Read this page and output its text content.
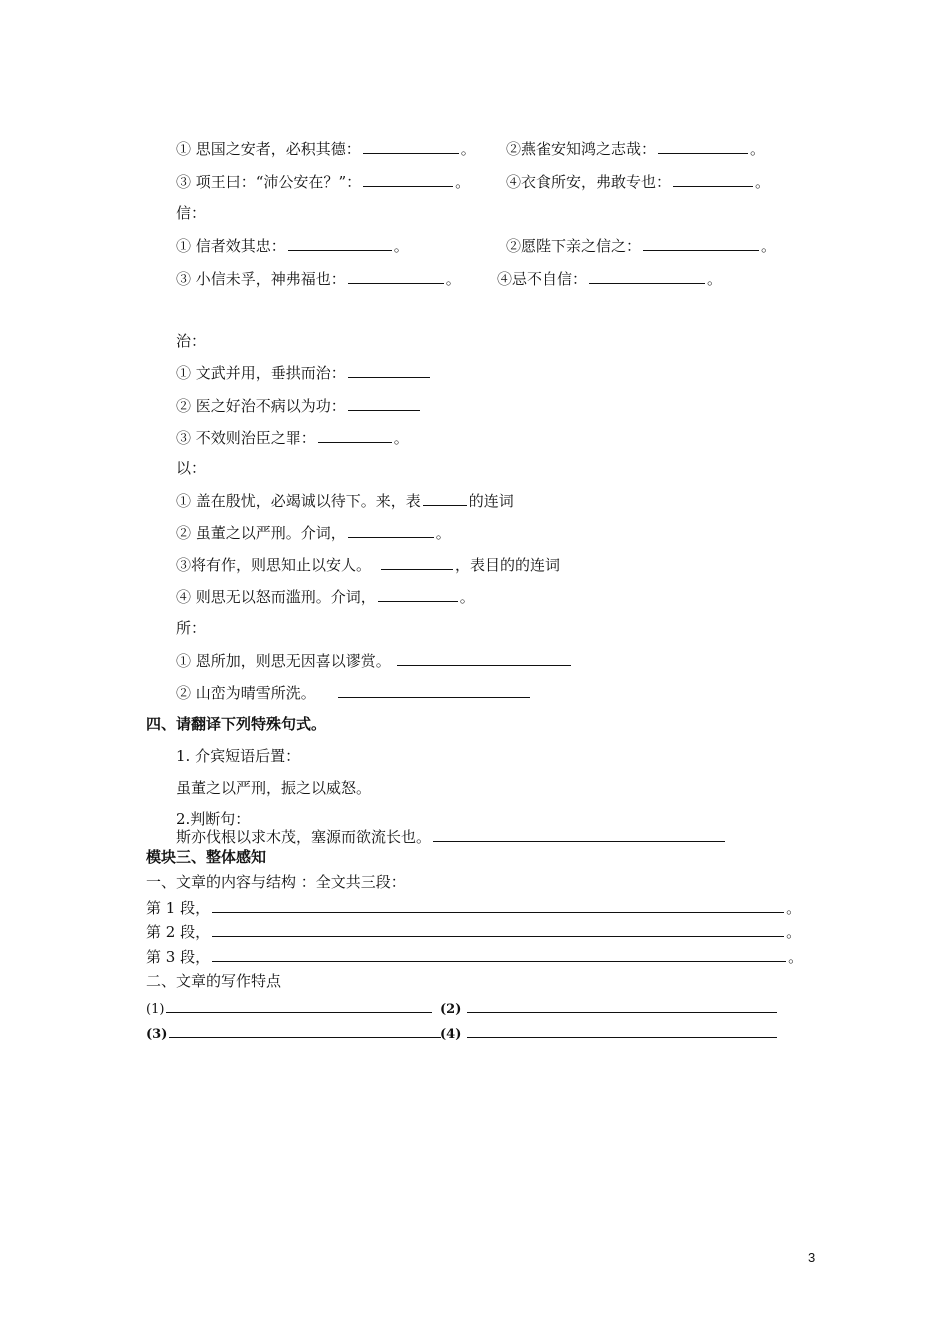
① 思国之安者，必积其德：	。 ②燕雀安知鸿之志哉：	。
③ 项王曰：“沛公安在？”：	。 ④衣食所安，弗敢专也：	。
信：
① 信者效其忠：	。	②愿陛下亲之信之：	。
③ 小信未孚，神弗福也：	。 ④忌不自信：	。
治：
① 文武并用，垂拱而治：
② 医之好治不病以为功：
③ 不效则治臣之罪：	。
以：
① 盖在殷忧，必竭诚以待下。来，表	的连词
② 虽董之以严刑。介词，	。
③将有作，则思知止以安人。	，表目的的连词
④ 则思无以怒而滥刑。介词，	。
所：
① 恩所加，则思无因喜以谬赏。
② 山峦为晴雪所洗。
四、请翻译下列特殊句式。
1. 介宾短语后置：
虽董之以严刑，振之以威怒。
2.判断句：
斯亦伐根以求木茂，塞源而欲流长也。
模块三、整体感知
一、文章的内容与结构 ：全文共三段：
第 1 段，	。
第 2 段，	。
第 3 段，	。
二、文章的写作特点
(1)	(2)
(3)	(4)
3
